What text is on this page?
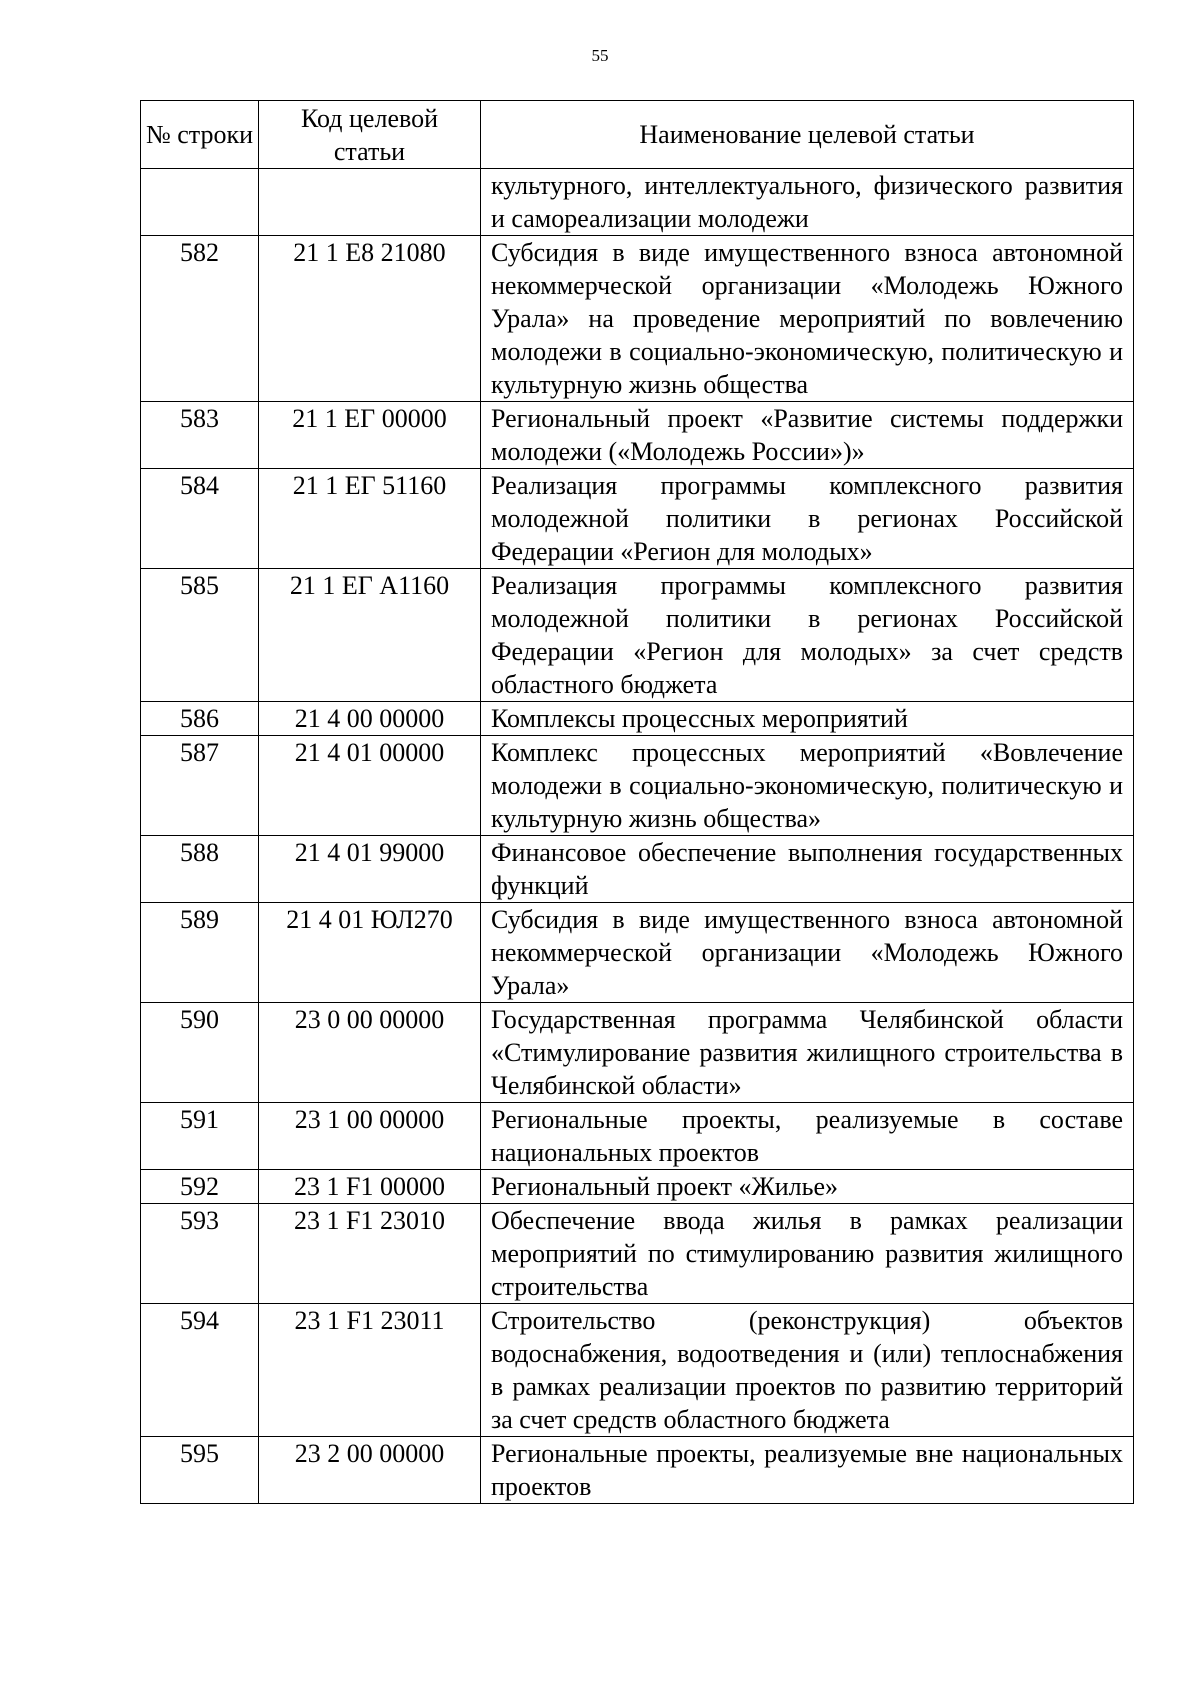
55
№ строки	Код целевой статьи	Наименование целевой статьи
		культурного, интеллектуального, физического развития и самореализации молодежи
582	21 1 Е8 21080	Субсидия в виде имущественного взноса автономной некоммерческой организации «Молодежь Южного Урала» на проведение мероприятий по вовлечению молодежи в социально-экономическую, политическую и культурную жизнь общества
583	21 1 ЕГ 00000	Региональный проект «Развитие системы поддержки молодежи («Молодежь России»)»
584	21 1 ЕГ 51160	Реализация программы комплексного развития молодежной политики в регионах Российской Федерации «Регион для молодых»
585	21 1 ЕГ А1160	Реализация программы комплексного развития молодежной политики в регионах Российской Федерации «Регион для молодых» за счет средств областного бюджета
586	21 4 00 00000	Комплексы процессных мероприятий
587	21 4 01 00000	Комплекс процессных мероприятий «Вовлечение молодежи в социально-экономическую, политическую и культурную жизнь общества»
588	21 4 01 99000	Финансовое обеспечение выполнения государственных функций
589	21 4 01 ЮЛ270	Субсидия в виде имущественного взноса автономной некоммерческой организации «Молодежь Южного Урала»
590	23 0 00 00000	Государственная программа Челябинской области «Стимулирование развития жилищного строительства в Челябинской области»
591	23 1 00 00000	Региональные проекты, реализуемые в составе национальных проектов
592	23 1 F1 00000	Региональный проект «Жилье»
593	23 1 F1 23010	Обеспечение ввода жилья в рамках реализации мероприятий по стимулированию развития жилищного строительства
594	23 1 F1 23011	Строительство (реконструкция) объектов водоснабжения, водоотведения и (или) теплоснабжения в рамках реализации проектов по развитию территорий за счет средств областного бюджета
595	23 2 00 00000	Региональные проекты, реализуемые вне национальных проектов
